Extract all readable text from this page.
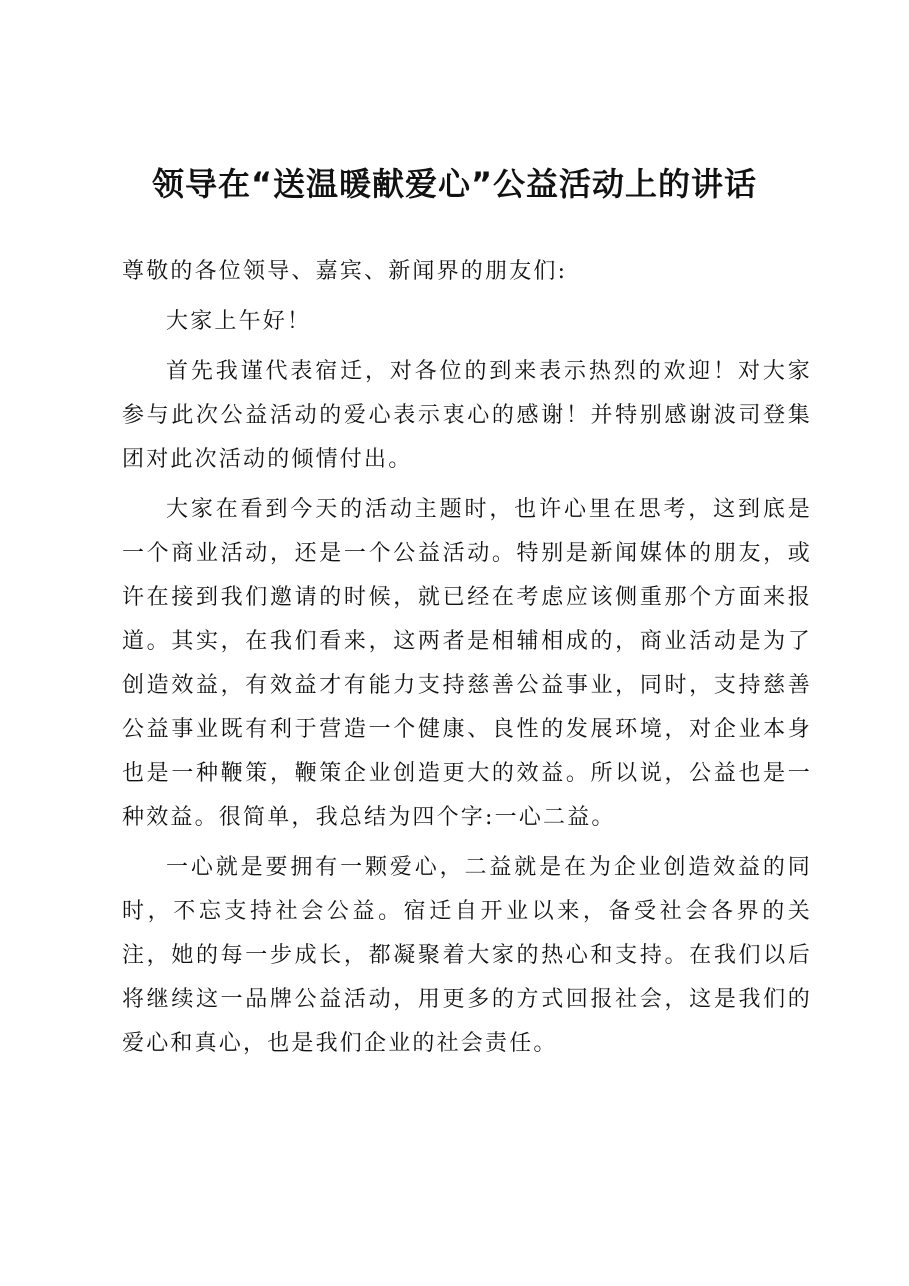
领导在“送温暖献爱心”公益活动上的讲话

尊敬的各位领导、嘉宾、新闻界的朋友们:

大家上午好！

首先我谨代表宿迁，对各位的到来表示热烈的欢迎！对大家参与此次公益活动的爱心表示衷心的感谢！并特别感谢波司登集团对此次活动的倾情付出。

大家在看到今天的活动主题时，也许心里在思考，这到底是一个商业活动，还是一个公益活动。特别是新闻媒体的朋友，或许在接到我们邀请的时候，就已经在考虑应该侧重那个方面来报道。其实，在我们看来，这两者是相辅相成的，商业活动是为了创造效益，有效益才有能力支持慈善公益事业，同时，支持慈善公益事业既有利于营造一个健康、良性的发展环境，对企业本身也是一种鞭策，鞭策企业创造更大的效益。所以说，公益也是一种效益。很简单，我总结为四个字:一心二益。

一心就是要拥有一颗爱心，二益就是在为企业创造效益的同时，不忘支持社会公益。宿迁自开业以来，备受社会各界的关注，她的每一步成长，都凝聚着大家的热心和支持。在我们以后将继续这一品牌公益活动，用更多的方式回报社会，这是我们的爱心和真心，也是我们企业的社会责任。
